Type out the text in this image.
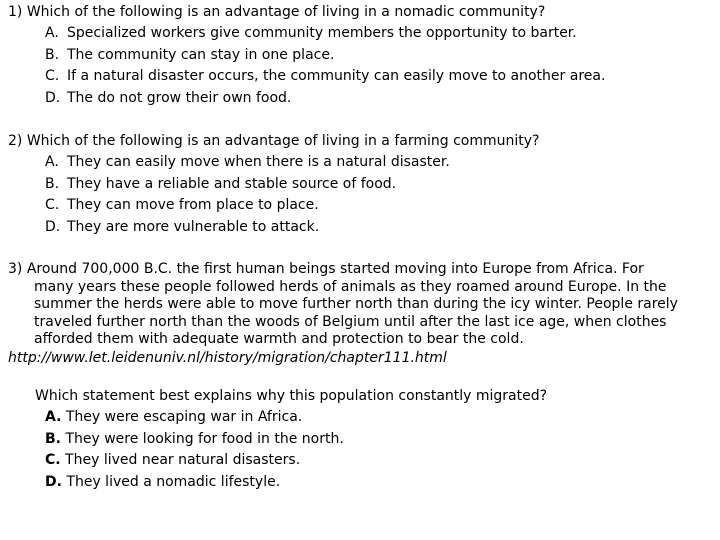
1) Which of the following is an advantage of living in a nomadic community?
A. Specialized workers give community members the opportunity to barter.
B. The community can stay in one place.
C. If a natural disaster occurs, the community can easily move to another area.
D. The do not grow their own food.
2) Which of the following is an advantage of living in a farming community?
A. They can easily move when there is a natural disaster.
B. They have a reliable and stable source of food.
C. They can move from place to place.
D. They are more vulnerable to attack.
3) Around 700,000 B.C. the first human beings started moving into Europe from Africa. For
many years these people followed herds of animals as they roamed around Europe. In the
summer the herds were able to move further north than during the icy winter. People rarely
traveled further north than the woods of Belgium until after the last ice age, when clothes
afforded them with adequate warmth and protection to bear the cold.
http://www.let.leidenuniv.nl/history/migration/chapter111.html
Which statement best explains why this population constantly migrated?
A. They were escaping war in Africa.
B. They were looking for food in the north.
C. They lived near natural disasters.
D. They lived a nomadic lifestyle.
